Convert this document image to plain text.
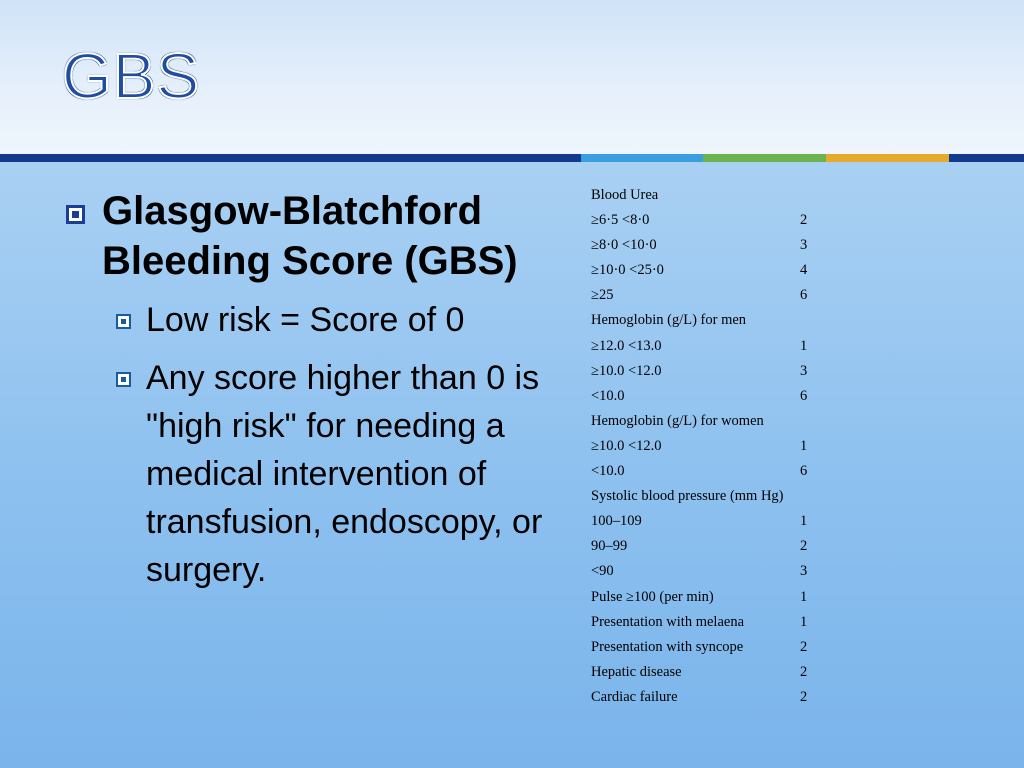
GBS
Glasgow-Blatchford Bleeding Score (GBS)
Low risk = Score of 0
Any score higher than 0 is "high risk" for needing a medical intervention of transfusion, endoscopy, or surgery.
Blood Urea
≥6·5 <8·0	2
≥8·0 <10·0	3
≥10·0 <25·0	4
≥25	6
Hemoglobin (g/L) for men
≥12.0 <13.0	1
≥10.0 <12.0	3
<10.0	6
Hemoglobin (g/L) for women
≥10.0 <12.0	1
<10.0	6
Systolic blood pressure (mm Hg)
100–109	1
90–99	2
<90	3
Pulse ≥100 (per min)	1
Presentation with melaena	1
Presentation with syncope	2
Hepatic disease	2
Cardiac failure	2
